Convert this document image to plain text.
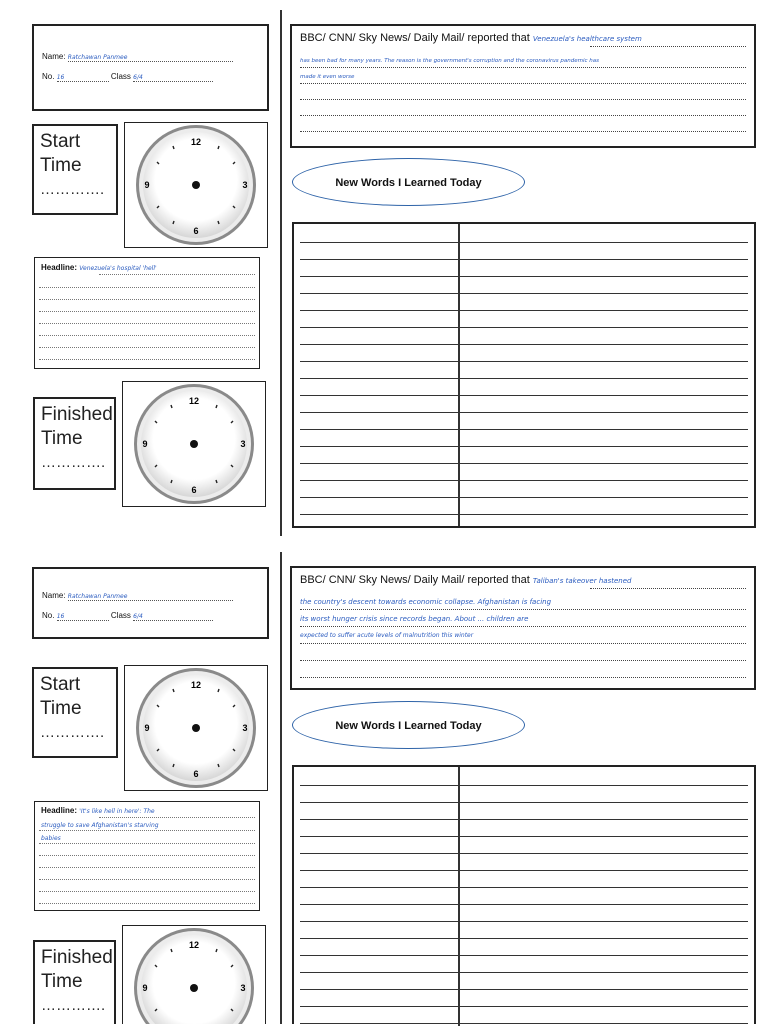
Name: Ratchawan Panmee
No. 16	Class 6/4
Start
Time
………….
12
3
6
9
Headline: Venezuela's hospital 'hell'
Finished
Time
………….
12
3
6
9
BBC/ CNN/ Sky News/ Daily Mail/ reported that Venezuela's healthcare system
has been bad for many years. The reason is the government's corruption and the coronavirus pandemic has
made it even worse
New Words I Learned Today
Name: Ratchawan Panmee
No. 16	Class 6/4
Start
Time
………….
12
3
6
9
Headline: 'It's like hell in here': The
struggle to save Afghanistan's starving
babies
Finished
Time
………….
12
3
9
BBC/ CNN/ Sky News/ Daily Mail/ reported that Taliban's takeover hastened
the country's descent towards economic collapse. Afghanistan is facing
its worst hunger crisis since records began. About ... children are
expected to suffer acute levels of malnutrition this winter
New Words I Learned Today
